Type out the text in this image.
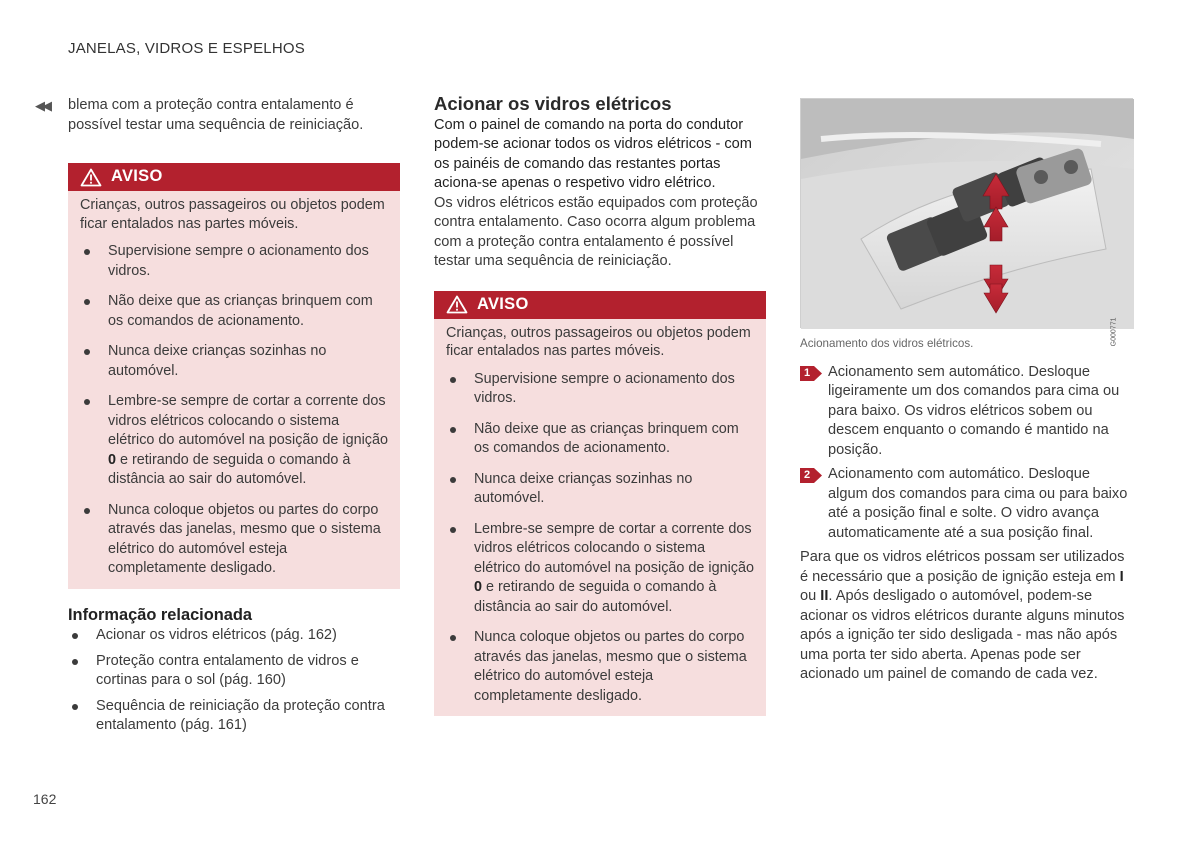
JANELAS, VIDROS E ESPELHOS
◀◀ blema com a proteção contra entalamento é possível testar uma sequência de reiniciação.

AVISO

Crianças, outros passageiros ou objetos podem ficar entalados nas partes móveis.

Supervisione sempre o acionamento dos vidros.
Não deixe que as crianças brinquem com os comandos de acionamento.
Nunca deixe crianças sozinhas no automóvel.
Lembre-se sempre de cortar a corrente dos vidros elétricos colocando o sistema elétrico do automóvel na posição de ignição 0 e retirando de seguida o comando à distância ao sair do automóvel.
Nunca coloque objetos ou partes do corpo através das janelas, mesmo que o sistema elétrico do automóvel esteja completamente desligado.
Informação relacionada
Acionar os vidros elétricos (pág. 162)
Proteção contra entalamento de vidros e cortinas para o sol (pág. 160)
Sequência de reiniciação da proteção contra entalamento (pág. 161)
Acionar os vidros elétricos

Com o painel de comando na porta do condutor podem-se acionar todos os vidros elétricos - com os painéis de comando das restantes portas aciona-se apenas o respetivo vidro elétrico.

Os vidros elétricos estão equipados com proteção contra entalamento. Caso ocorra algum problema com a proteção contra entalamento é possível testar uma sequência de reiniciação.

AVISO

Crianças, outros passageiros ou objetos podem ficar entalados nas partes móveis.

Supervisione sempre o acionamento dos vidros.
Não deixe que as crianças brinquem com os comandos de acionamento.
Nunca deixe crianças sozinhas no automóvel.
Lembre-se sempre de cortar a corrente dos vidros elétricos colocando o sistema elétrico do automóvel na posição de ignição 0 e retirando de seguida o comando à distância ao sair do automóvel.
Nunca coloque objetos ou partes do corpo através das janelas, mesmo que o sistema elétrico do automóvel esteja completamente desligado.
G000771
Acionamento dos vidros elétricos.
1 Acionamento sem automático. Desloque ligeiramente um dos comandos para cima ou para baixo. Os vidros elétricos sobem ou descem enquanto o comando é mantido na posição.
2 Acionamento com automático. Desloque algum dos comandos para cima ou para baixo até a posição final e solte. O vidro avança automaticamente até a sua posição final.

Para que os vidros elétricos possam ser utilizados é necessário que a posição de ignição esteja em I ou II. Após desligado o automóvel, podem-se acionar os vidros elétricos durante alguns minutos após a ignição ter sido desligada - mas não após uma porta ter sido aberta. Apenas pode ser acionado um painel de comando de cada vez.

162
